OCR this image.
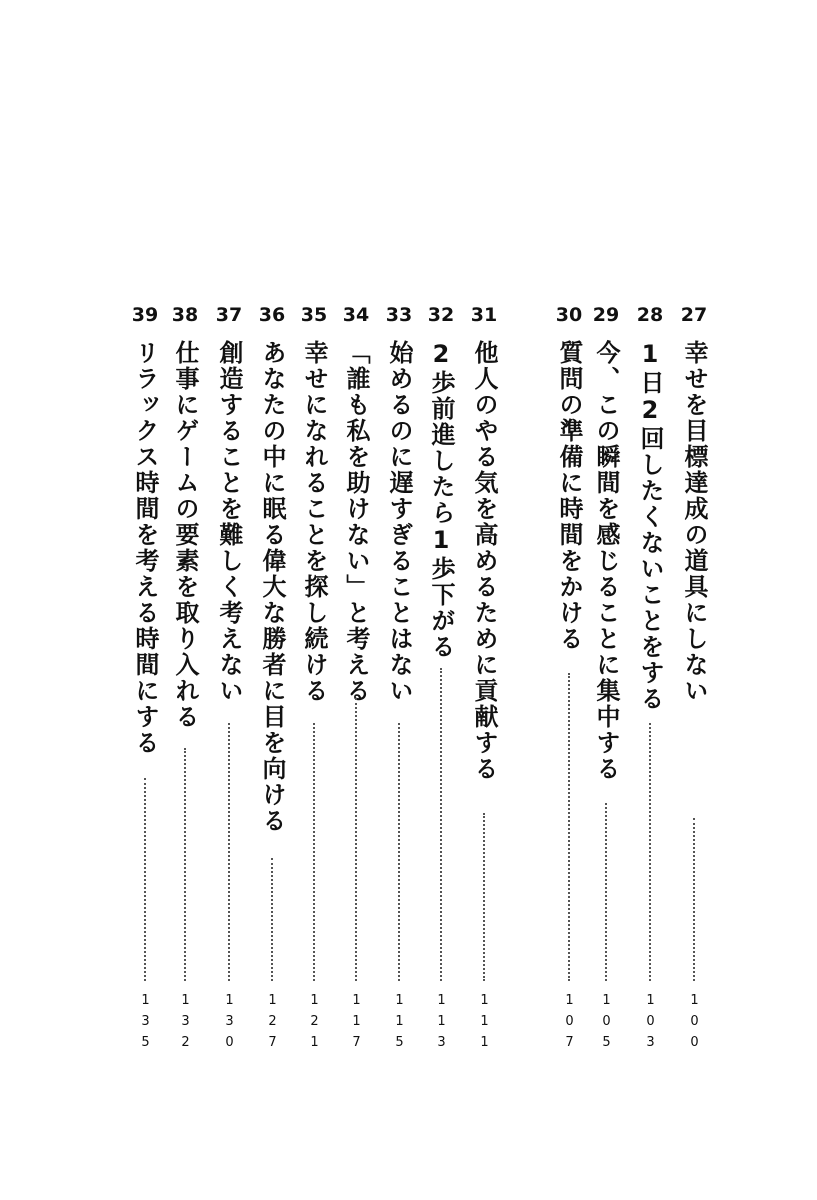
27
幸せを目標達成の道具にしない
100
28
1日2回したくないことをする
103
29
今、この瞬間を感じることに集中する
105
30
質問の準備に時間をかける
107
31
他人のやる気を高めるために貢献する
111
32
2歩前進したら1歩下がる
113
33
始めるのに遅すぎることはない
115
34
「誰も私を助けない」と考える
117
35
幸せになれることを探し続ける
121
36
あなたの中に眠る偉大な勝者に目を向ける
127
37
創造することを難しく考えない
130
38
仕事にゲームの要素を取り入れる
132
39
リラックス時間を考える時間にする
135
